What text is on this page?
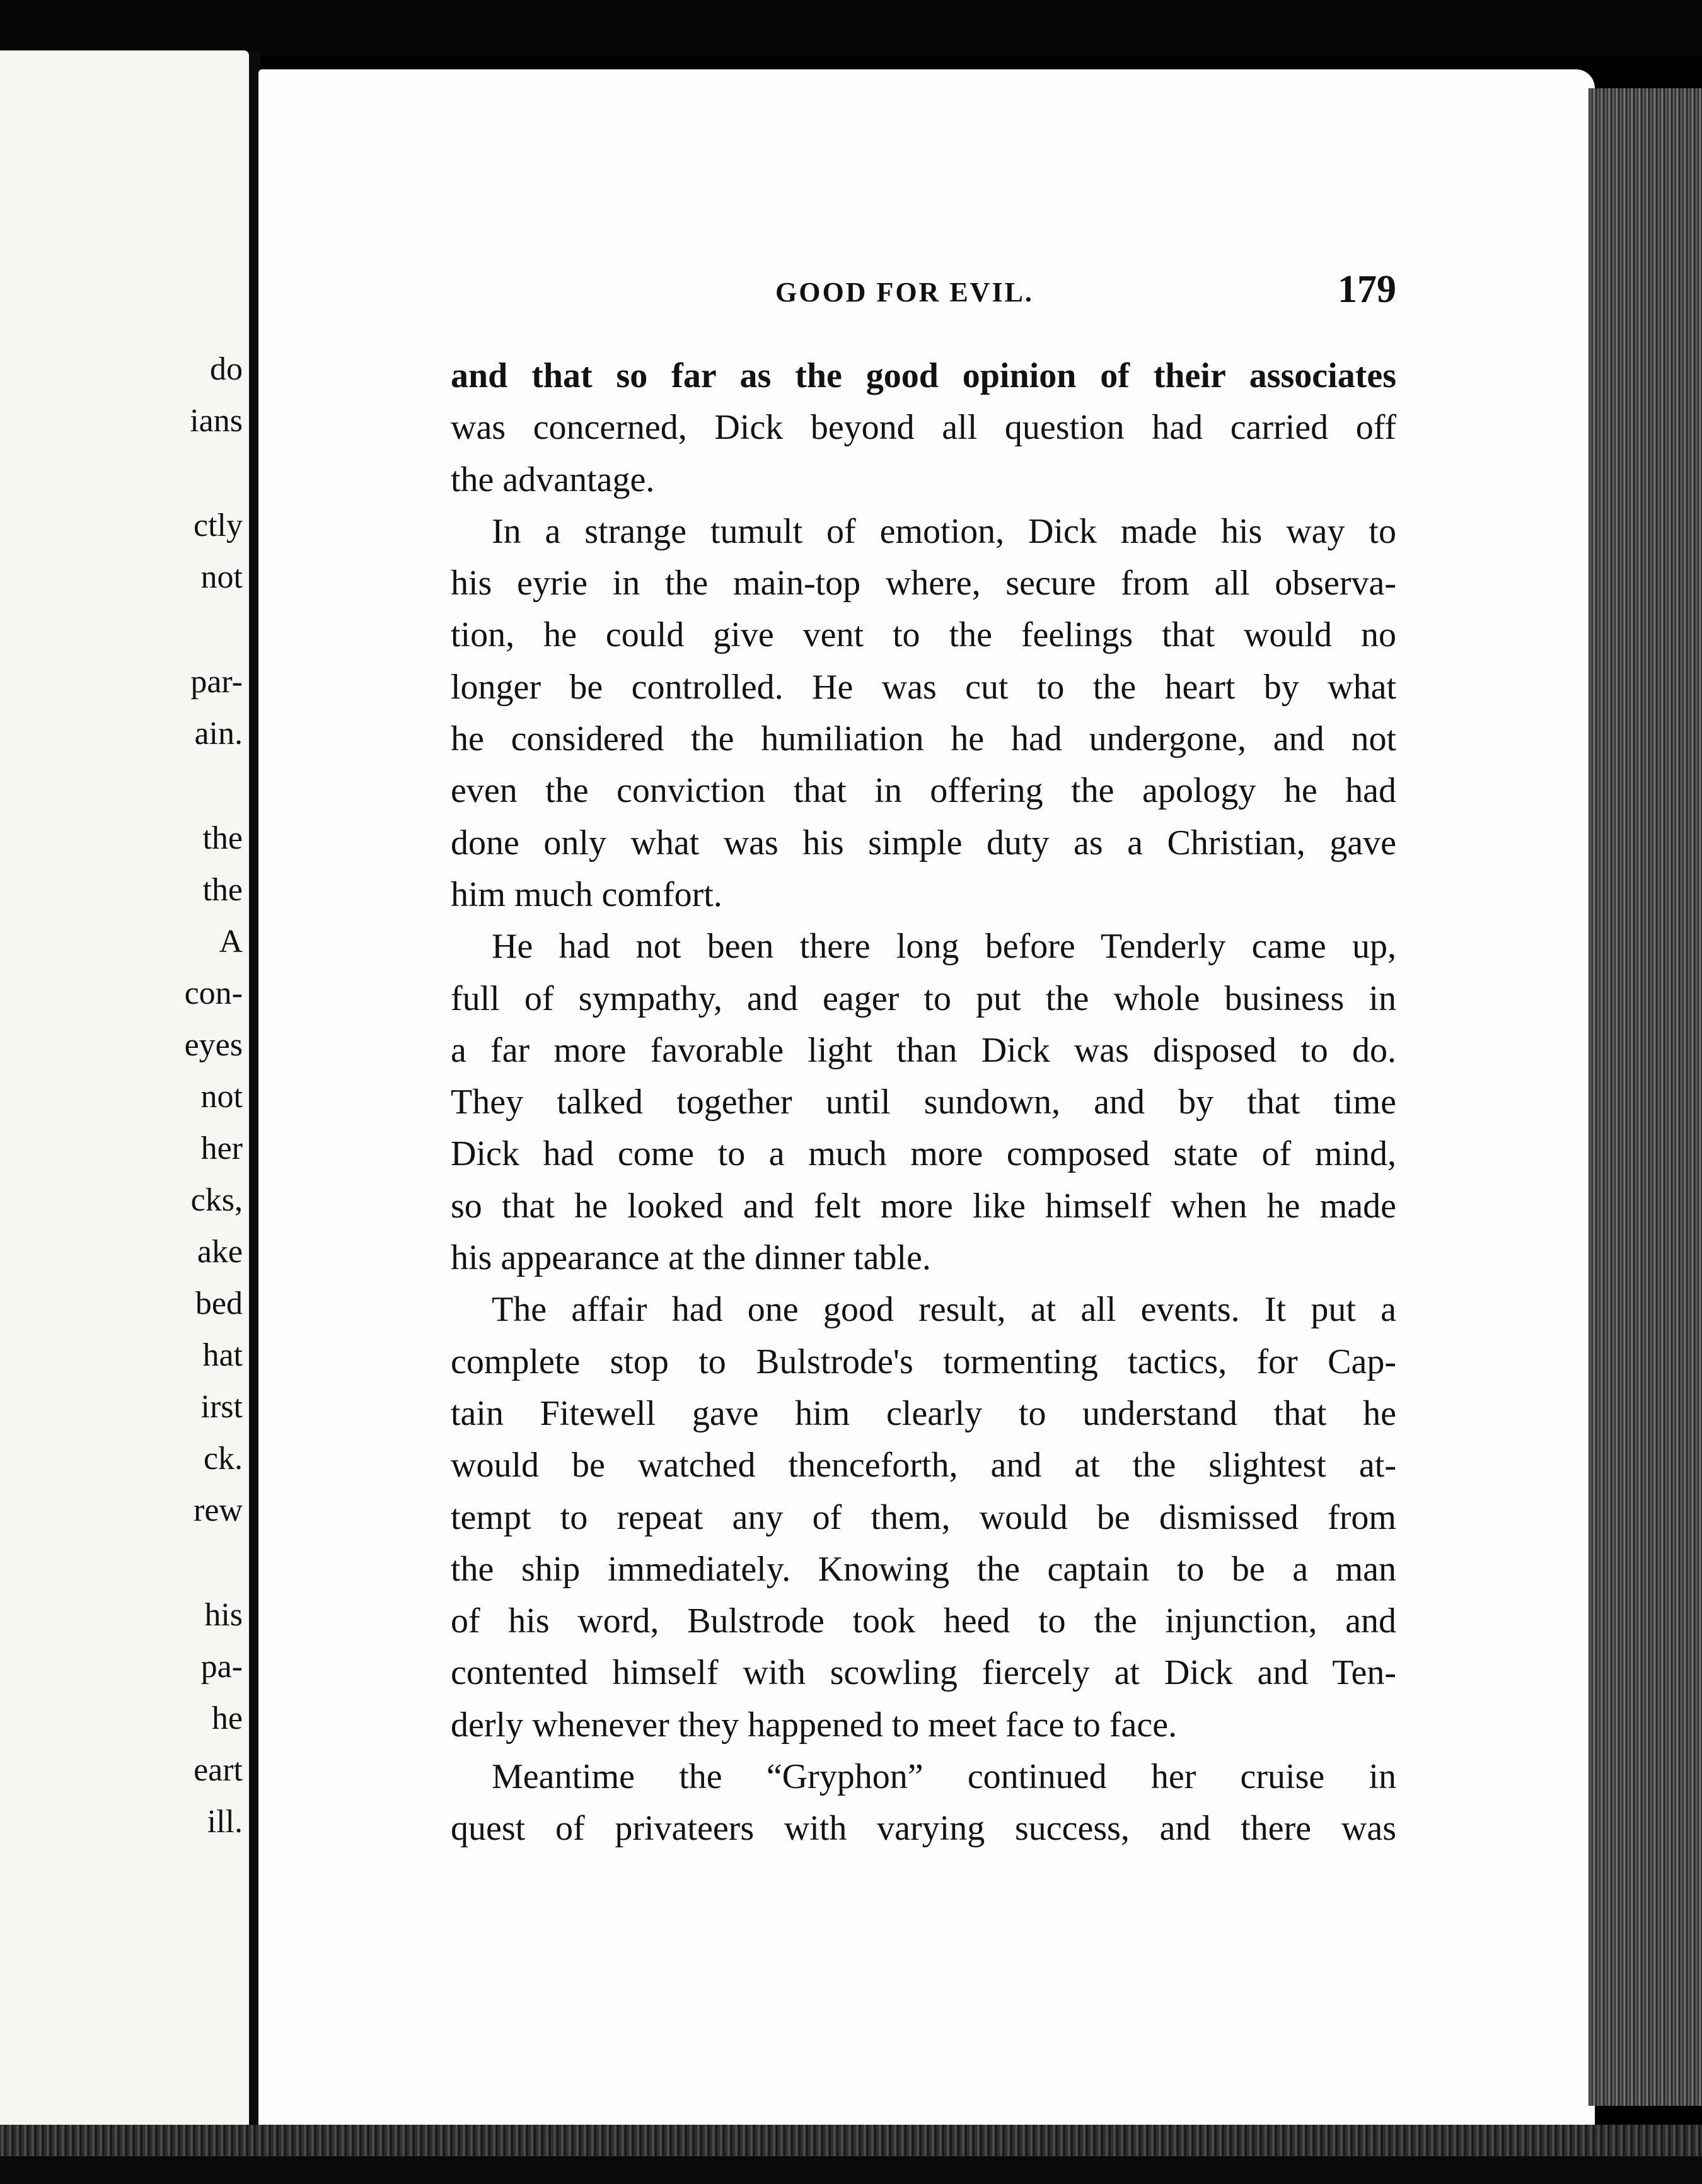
do
ians
ctly
not
par-
ain.
the
the
A
con-
eyes
not
her
cks,
ake
bed
hat
irst
ck.
rew
his
pa-
he
eart
ill.
GOOD FOR EVIL.	179
and that so far as the good opinion of their associates
was concerned, Dick beyond all question had carried off
the advantage.
In a strange tumult of emotion, Dick made his way to
his eyrie in the main-top where, secure from all observa-
tion, he could give vent to the feelings that would no
longer be controlled. He was cut to the heart by what
he considered the humiliation he had undergone, and not
even the conviction that in offering the apology he had
done only what was his simple duty as a Christian, gave
him much comfort.
He had not been there long before Tenderly came up,
full of sympathy, and eager to put the whole business in
a far more favorable light than Dick was disposed to do.
They talked together until sundown, and by that time
Dick had come to a much more composed state of mind,
so that he looked and felt more like himself when he made
his appearance at the dinner table.
The affair had one good result, at all events. It put a
complete stop to Bulstrode's tormenting tactics, for Cap-
tain Fitewell gave him clearly to understand that he
would be watched thenceforth, and at the slightest at-
tempt to repeat any of them, would be dismissed from
the ship immediately. Knowing the captain to be a man
of his word, Bulstrode took heed to the injunction, and
contented himself with scowling fiercely at Dick and Ten-
derly whenever they happened to meet face to face.
Meantime the “Gryphon” continued her cruise in
quest of privateers with varying success, and there was
